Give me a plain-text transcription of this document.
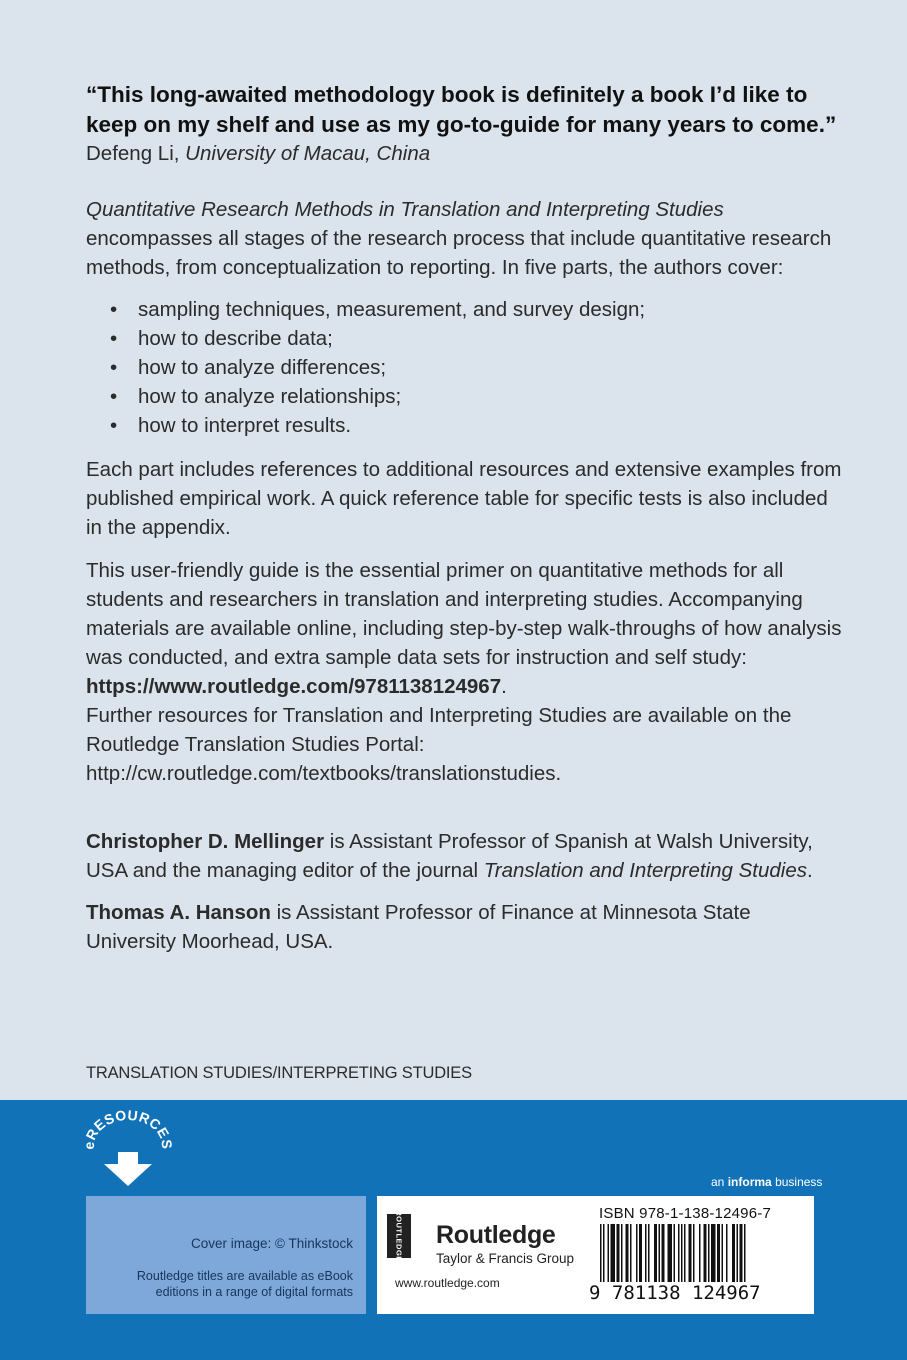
“This long-awaited methodology book is definitely a book I’d like to keep on my shelf and use as my go-to-guide for many years to come.”

Defeng Li, University of Macau, China

Quantitative Research Methods in Translation and Interpreting Studies
encompasses all stages of the research process that include quantitative research methods, from conceptualization to reporting. In five parts, the authors cover:

• sampling techniques, measurement, and survey design;
• how to describe data;
• how to analyze differences;
• how to analyze relationships;
• how to interpret results.

Each part includes references to additional resources and extensive examples from published empirical work. A quick reference table for specific tests is also included in the appendix.

This user-friendly guide is the essential primer on quantitative methods for all students and researchers in translation and interpreting studies. Accompanying materials are available online, including step-by-step walk-throughs of how analysis was conducted, and extra sample data sets for instruction and self study: https://www.routledge.com/9781138124967.
Further resources for Translation and Interpreting Studies are available on the Routledge Translation Studies Portal: http://cw.routledge.com/textbooks/translationstudies.

Christopher D. Mellinger is Assistant Professor of Spanish at Walsh University, USA and the managing editor of the journal Translation and Interpreting Studies.

Thomas A. Hanson is Assistant Professor of Finance at Minnesota State University Moorhead, USA.

TRANSLATION STUDIES/INTERPRETING STUDIES
eRESOURCES
an informa business
Cover image: © Thinkstock
Routledge titles are available as eBook editions in a range of digital formats
ROUTLEDGE Routledge
Taylor & Francis Group
www.routledge.com
ISBN 978-1-138-12496-7
9 781138 124967
